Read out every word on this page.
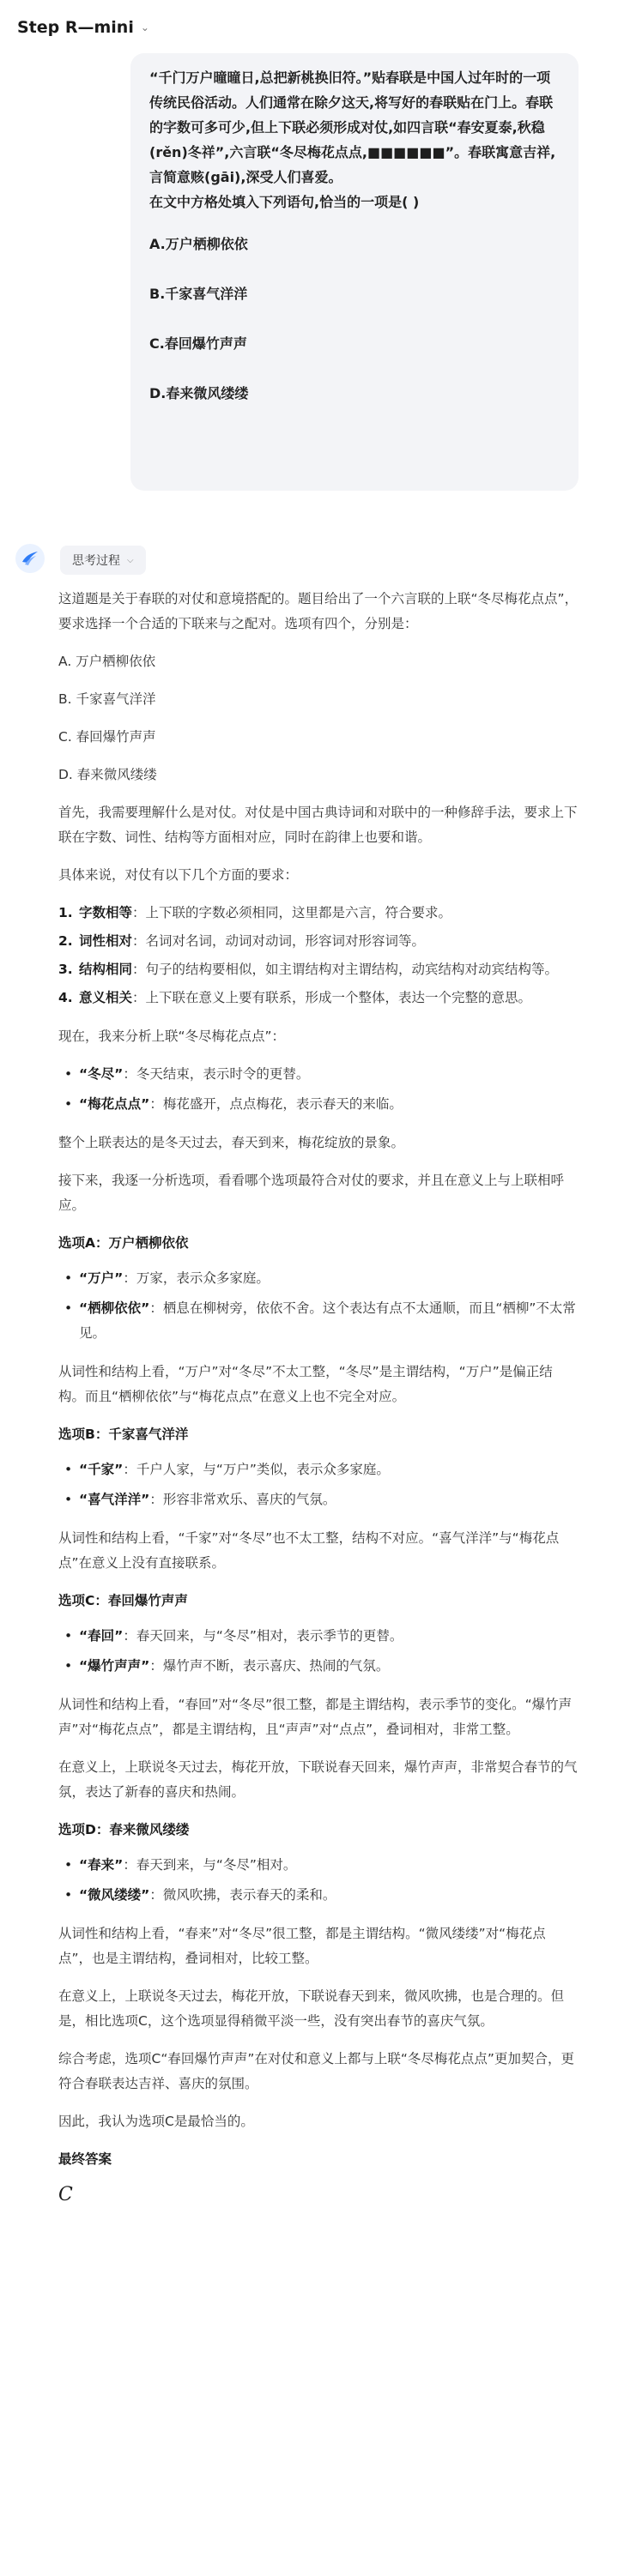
Step R—mini ⌄
“千门万户曈曈日,总把新桃换旧符。”贴春联是中国人过年时的一项传统民俗活动。人们通常在除夕这天,将写好的春联贴在门上。春联的字数可多可少,但上下联必须形成对仗,如四言联“春安夏泰,秋稳(rěn)冬祥”,六言联“冬尽梅花点点,■■■■■■”。春联寓意吉祥,言简意赅(gāi),深受人们喜爱。
在文中方格处填入下列语句,恰当的一项是( )
A.万户栖柳依依
B.千家喜气洋洋
C.春回爆竹声声
D.春来微风缕缕
思考过程 ⌵

这道题是关于春联的对仗和意境搭配的。题目给出了一个六言联的上联“冬尽梅花点点”，要求选择一个合适的下联来与之配对。选项有四个，分别是：

A. 万户栖柳依依

B. 千家喜气洋洋

C. 春回爆竹声声

D. 春来微风缕缕

首先，我需要理解什么是对仗。对仗是中国古典诗词和对联中的一种修辞手法，要求上下联在字数、词性、结构等方面相对应，同时在韵律上也要和谐。

具体来说，对仗有以下几个方面的要求：

1. 字数相等：上下联的字数必须相同，这里都是六言，符合要求。
2. 词性相对：名词对名词，动词对动词，形容词对形容词等。
3. 结构相同：句子的结构要相似，如主谓结构对主谓结构，动宾结构对动宾结构等。
4. 意义相关：上下联在意义上要有联系，形成一个整体，表达一个完整的意思。

现在，我来分析上联“冬尽梅花点点”：

• “冬尽”：冬天结束，表示时令的更替。
• “梅花点点”：梅花盛开，点点梅花，表示春天的来临。

整个上联表达的是冬天过去，春天到来，梅花绽放的景象。

接下来，我逐一分析选项，看看哪个选项最符合对仗的要求，并且在意义上与上联相呼应。

选项A：万户栖柳依依
• “万户”：万家，表示众多家庭。
• “栖柳依依”：栖息在柳树旁，依依不舍。这个表达有点不太通顺，而且“栖柳”不太常见。

从词性和结构上看，“万户”对“冬尽”不太工整，“冬尽”是主谓结构，“万户”是偏正结构。而且“栖柳依依”与“梅花点点”在意义上也不完全对应。

选项B：千家喜气洋洋
• “千家”：千户人家，与“万户”类似，表示众多家庭。
• “喜气洋洋”：形容非常欢乐、喜庆的气氛。

从词性和结构上看，“千家”对“冬尽”也不太工整，结构不对应。“喜气洋洋”与“梅花点点”在意义上没有直接联系。

选项C：春回爆竹声声
• “春回”：春天回来，与“冬尽”相对，表示季节的更替。
• “爆竹声声”：爆竹声不断，表示喜庆、热闹的气氛。

从词性和结构上看，“春回”对“冬尽”很工整，都是主谓结构，表示季节的变化。“爆竹声声”对“梅花点点”，都是主谓结构，且“声声”对“点点”，叠词相对，非常工整。

在意义上，上联说冬天过去，梅花开放，下联说春天回来，爆竹声声，非常契合春节的气氛，表达了新春的喜庆和热闹。

选项D：春来微风缕缕
• “春来”：春天到来，与“冬尽”相对。
• “微风缕缕”：微风吹拂，表示春天的柔和。

从词性和结构上看，“春来”对“冬尽”很工整，都是主谓结构。“微风缕缕”对“梅花点点”，也是主谓结构，叠词相对，比较工整。

在意义上，上联说冬天过去，梅花开放，下联说春天到来，微风吹拂，也是合理的。但是，相比选项C，这个选项显得稍微平淡一些，没有突出春节的喜庆气氛。

综合考虑，选项C“春回爆竹声声”在对仗和意义上都与上联“冬尽梅花点点”更加契合，更符合春联表达吉祥、喜庆的氛围。

因此，我认为选项C是最恰当的。

最终答案
C
